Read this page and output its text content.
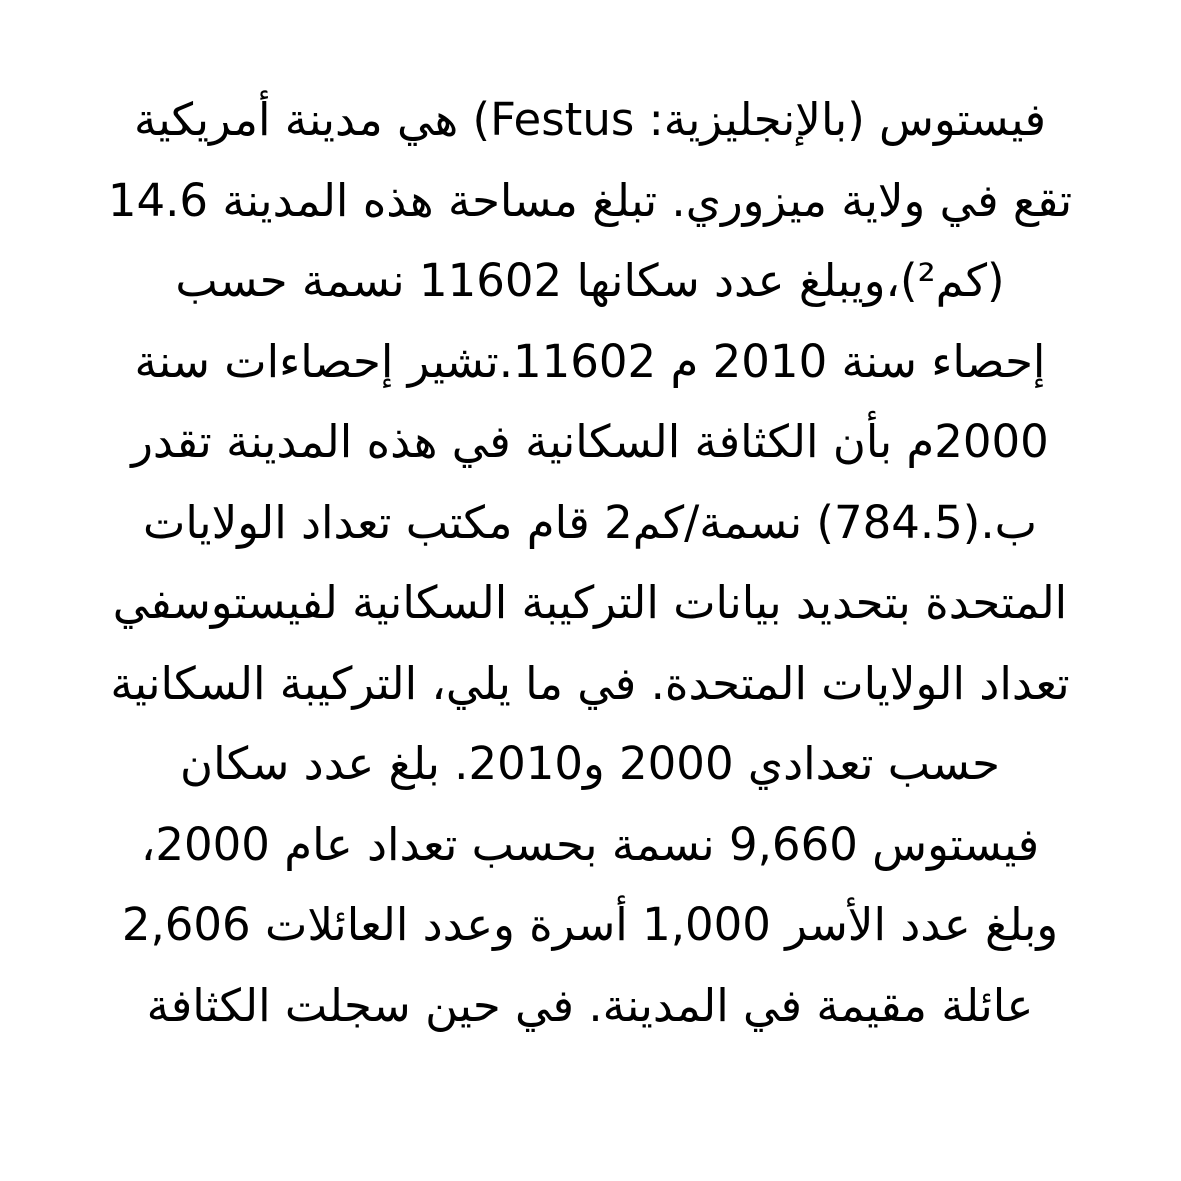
فيستوس (بالإنجليزية: Festus) هي مدينة أمريكية
تقع في ولاية ميزوري. تبلغ مساحة هذه المدينة 14.6
(كم²)،ويبلغ عدد سكانها 11602 نسمة حسب
إحصاء سنة 2010 م 11602.تشير إحصاءات سنة
2000م بأن الكثافة السكانية في هذه المدينة تقدر
ب.(784.5) نسمة/كم2 قام مكتب تعداد الولايات
المتحدة بتحديد بيانات التركيبة السكانية لفيستوسفي
تعداد الولايات المتحدة. في ما يلي، التركيبة السكانية
حسب تعدادي 2000 و2010. بلغ عدد سكان
فيستوس 9,660 نسمة بحسب تعداد عام 2000،
وبلغ عدد الأسر 1,000 أسرة وعدد العائلات 2,606
عائلة مقيمة في المدينة. في حين سجلت الكثافة
